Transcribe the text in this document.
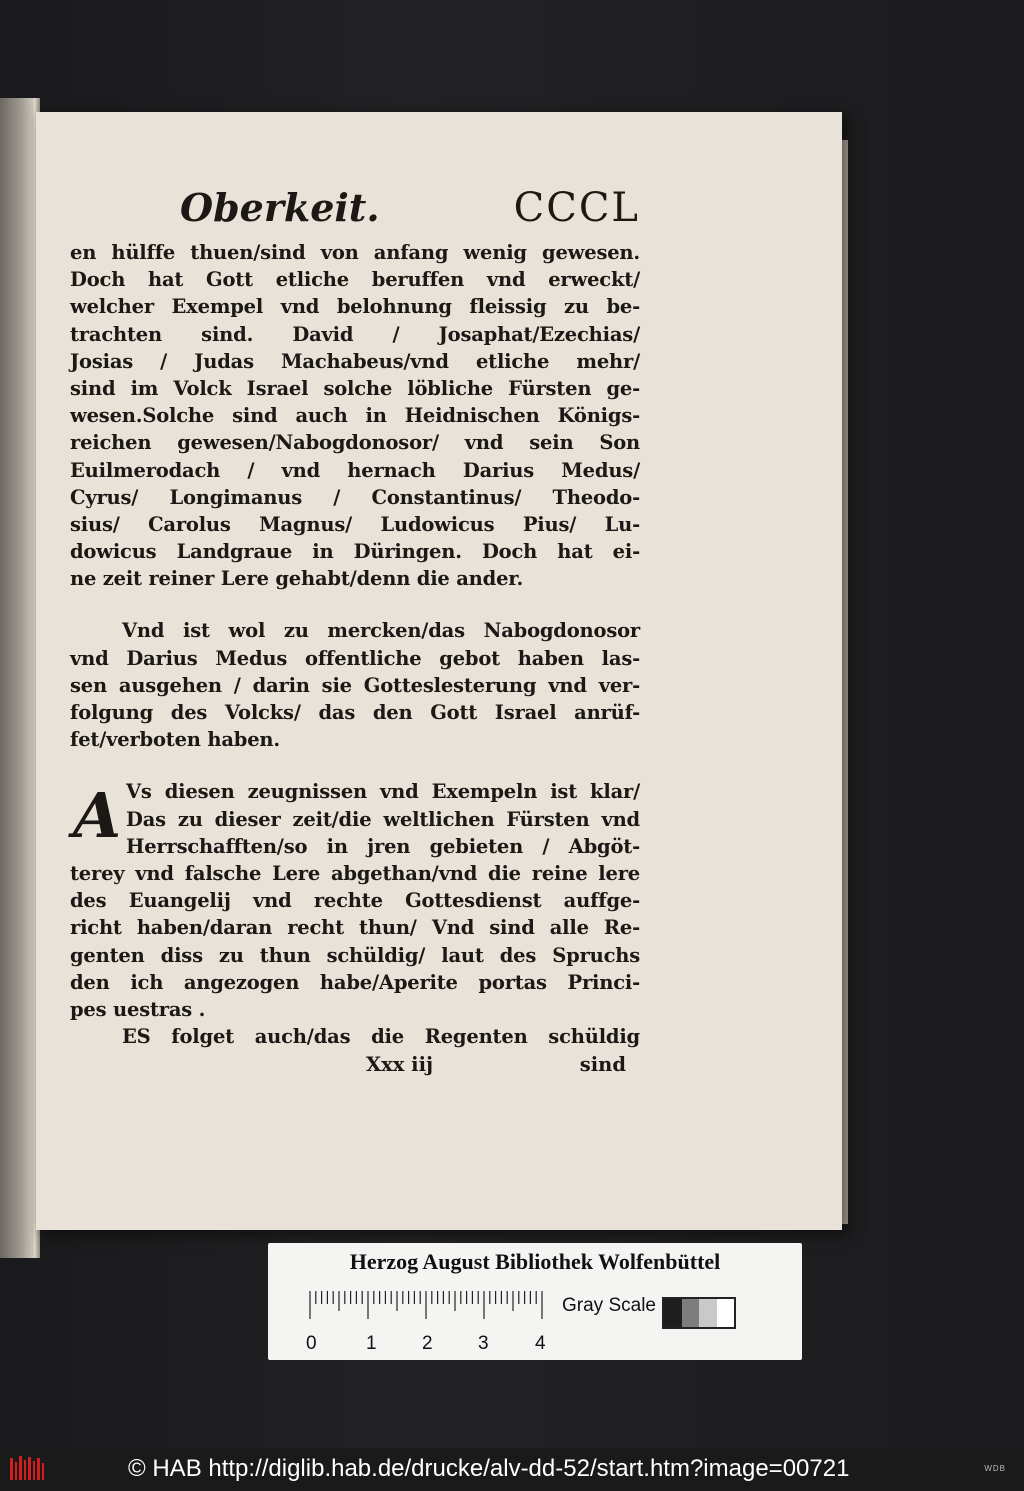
Oberkeit.	CCCL
en hülffe thuen/sind von anfang wenig gewesen.
Doch hat Gott etliche beruffen vnd erweckt/
welcher Exempel vnd belohnung fleissig zu be-
trachten sind. David / Josaphat/Ezechias/
Josias / Judas Machabeus/vnd etliche mehr/
sind im Volck Israel solche löbliche Fürsten ge-
wesen.Solche sind auch in Heidnischen Königs-
reichen gewesen/Nabogdonosor/ vnd sein Son
Euilmerodach / vnd hernach Darius Medus/
Cyrus/ Longimanus / Constantinus/ Theodo-
sius/ Carolus Magnus/ Ludowicus Pius/ Lu-
dowicus Landgraue in Düringen. Doch hat ei-
ne zeit reiner Lere gehabt/denn die ander.
Vnd ist wol zu mercken/das Nabogdonosor
vnd Darius Medus offentliche gebot haben las-
sen ausgehen / darin sie Gotteslesterung vnd ver-
folgung des Volcks/ das den Gott Israel anrüf-
fet/verboten haben.
A Vs diesen zeugnissen vnd Exempeln ist klar/
Das zu dieser zeit/die weltlichen Fürsten vnd
Herrschafften/so in jren gebieten / Abgöt-
terey vnd falsche Lere abgethan/vnd die reine lere
des Euangelij vnd rechte Gottesdienst auffge-
richt haben/daran recht thun/ Vnd sind alle Re-
genten diss zu thun schüldig/ laut des Spruchs
den ich angezogen habe/Aperite portas Princi-
pes uestras .
ES folget auch/das die Regenten schüldig
Xxx iij	sind
Herzog August Bibliothek Wolfenbüttel
0	1 2 3 4
Gray Scale
© HAB http://diglib.hab.de/drucke/alv-dd-52/start.htm?image=00721	WDB
